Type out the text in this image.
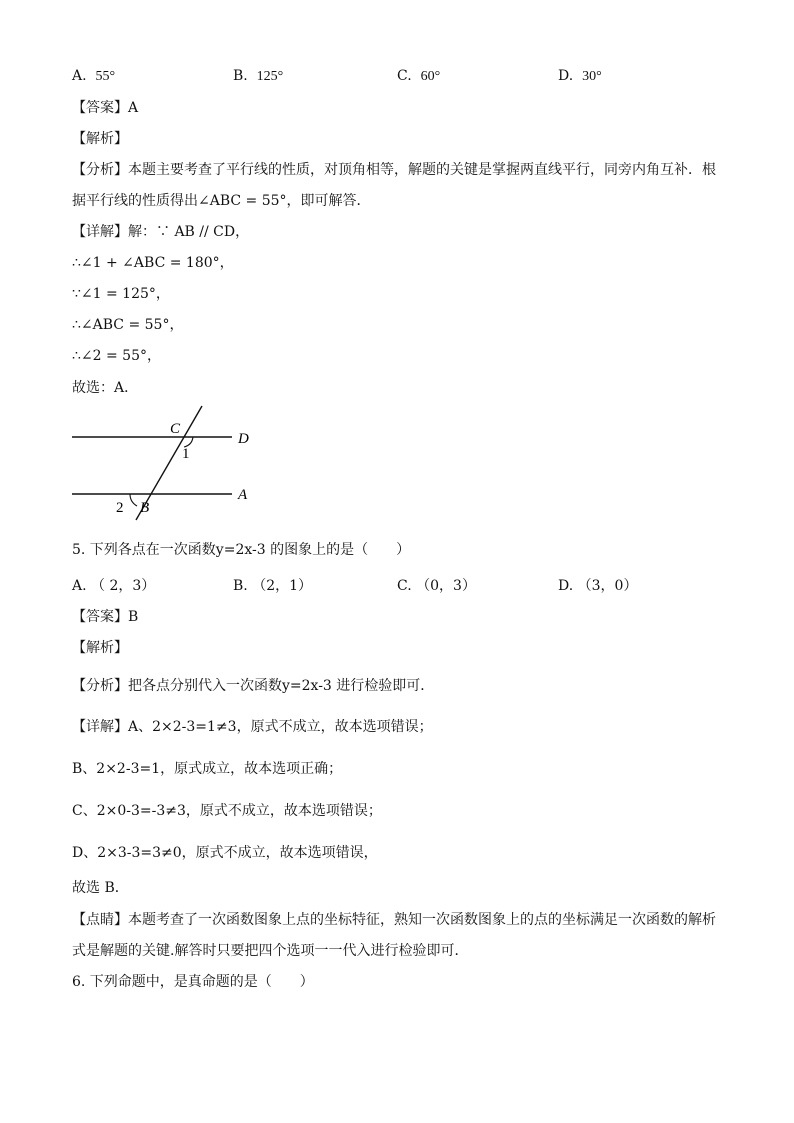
A. 55°	B. 125°	C. 60°	D. 30°
【答案】A
【解析】
【分析】本题主要考查了平行线的性质，对顶角相等，解题的关键是掌握两直线平行，同旁内角互补．根
据平行线的性质得出∠ABC = 55°，即可解答．
【详解】解：∵ AB // CD，
∴∠1 + ∠ABC = 180°，
∵∠1 = 125°，
∴∠ABC = 55°，
∴∠2 = 55°，
故选：A．
C
D
1
2 B
A
5. 下列各点在一次函数y=2x-3 的图象上的是（　　）
A. （ 2，3）	B. （2，1）	C. （0，3）	D. （3，0）
【答案】B
【解析】
【分析】把各点分别代入一次函数y=2x-3 进行检验即可．
【详解】A、2×2-3=1≠3，原式不成立，故本选项错误；
B、2×2-3=1，原式成立，故本选项正确；
C、2×0-3=-3≠3，原式不成立，故本选项错误；
D、2×3-3=3≠0，原式不成立，故本选项错误，
故选 B．
【点睛】本题考查了一次函数图象上点的坐标特征，熟知一次函数图象上的点的坐标满足一次函数的解析
式是解题的关键.解答时只要把四个选项一一代入进行检验即可．
6. 下列命题中，是真命题的是（　　）
